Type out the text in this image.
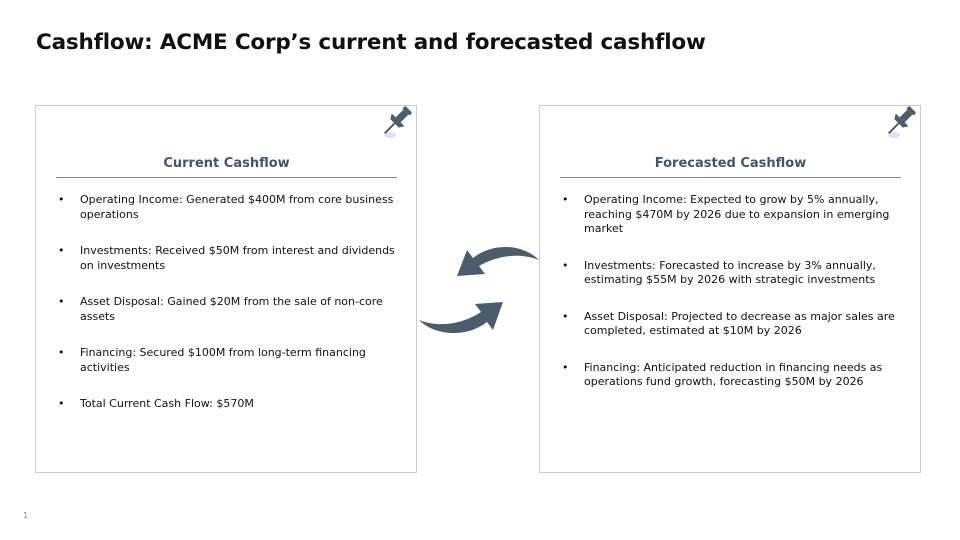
Cashflow: ACME Corp’s current and forecasted cashflow
Current Cashflow
• Operating Income: Generated $400M from core business operations
• Investments: Received $50M from interest and dividends on investments
• Asset Disposal: Gained $20M from the sale of non-core assets
• Financing: Secured $100M from long-term financing activities
• Total Current Cash Flow: $570M
Forecasted Cashflow
• Operating Income: Expected to grow by 5% annually, reaching $470M by 2026 due to expansion in emerging market
• Investments: Forecasted to increase by 3% annually, estimating $55M by 2026 with strategic investments
• Asset Disposal: Projected to decrease as major sales are completed, estimated at $10M by 2026
• Financing: Anticipated reduction in financing needs as operations fund growth, forecasting $50M by 2026
1
